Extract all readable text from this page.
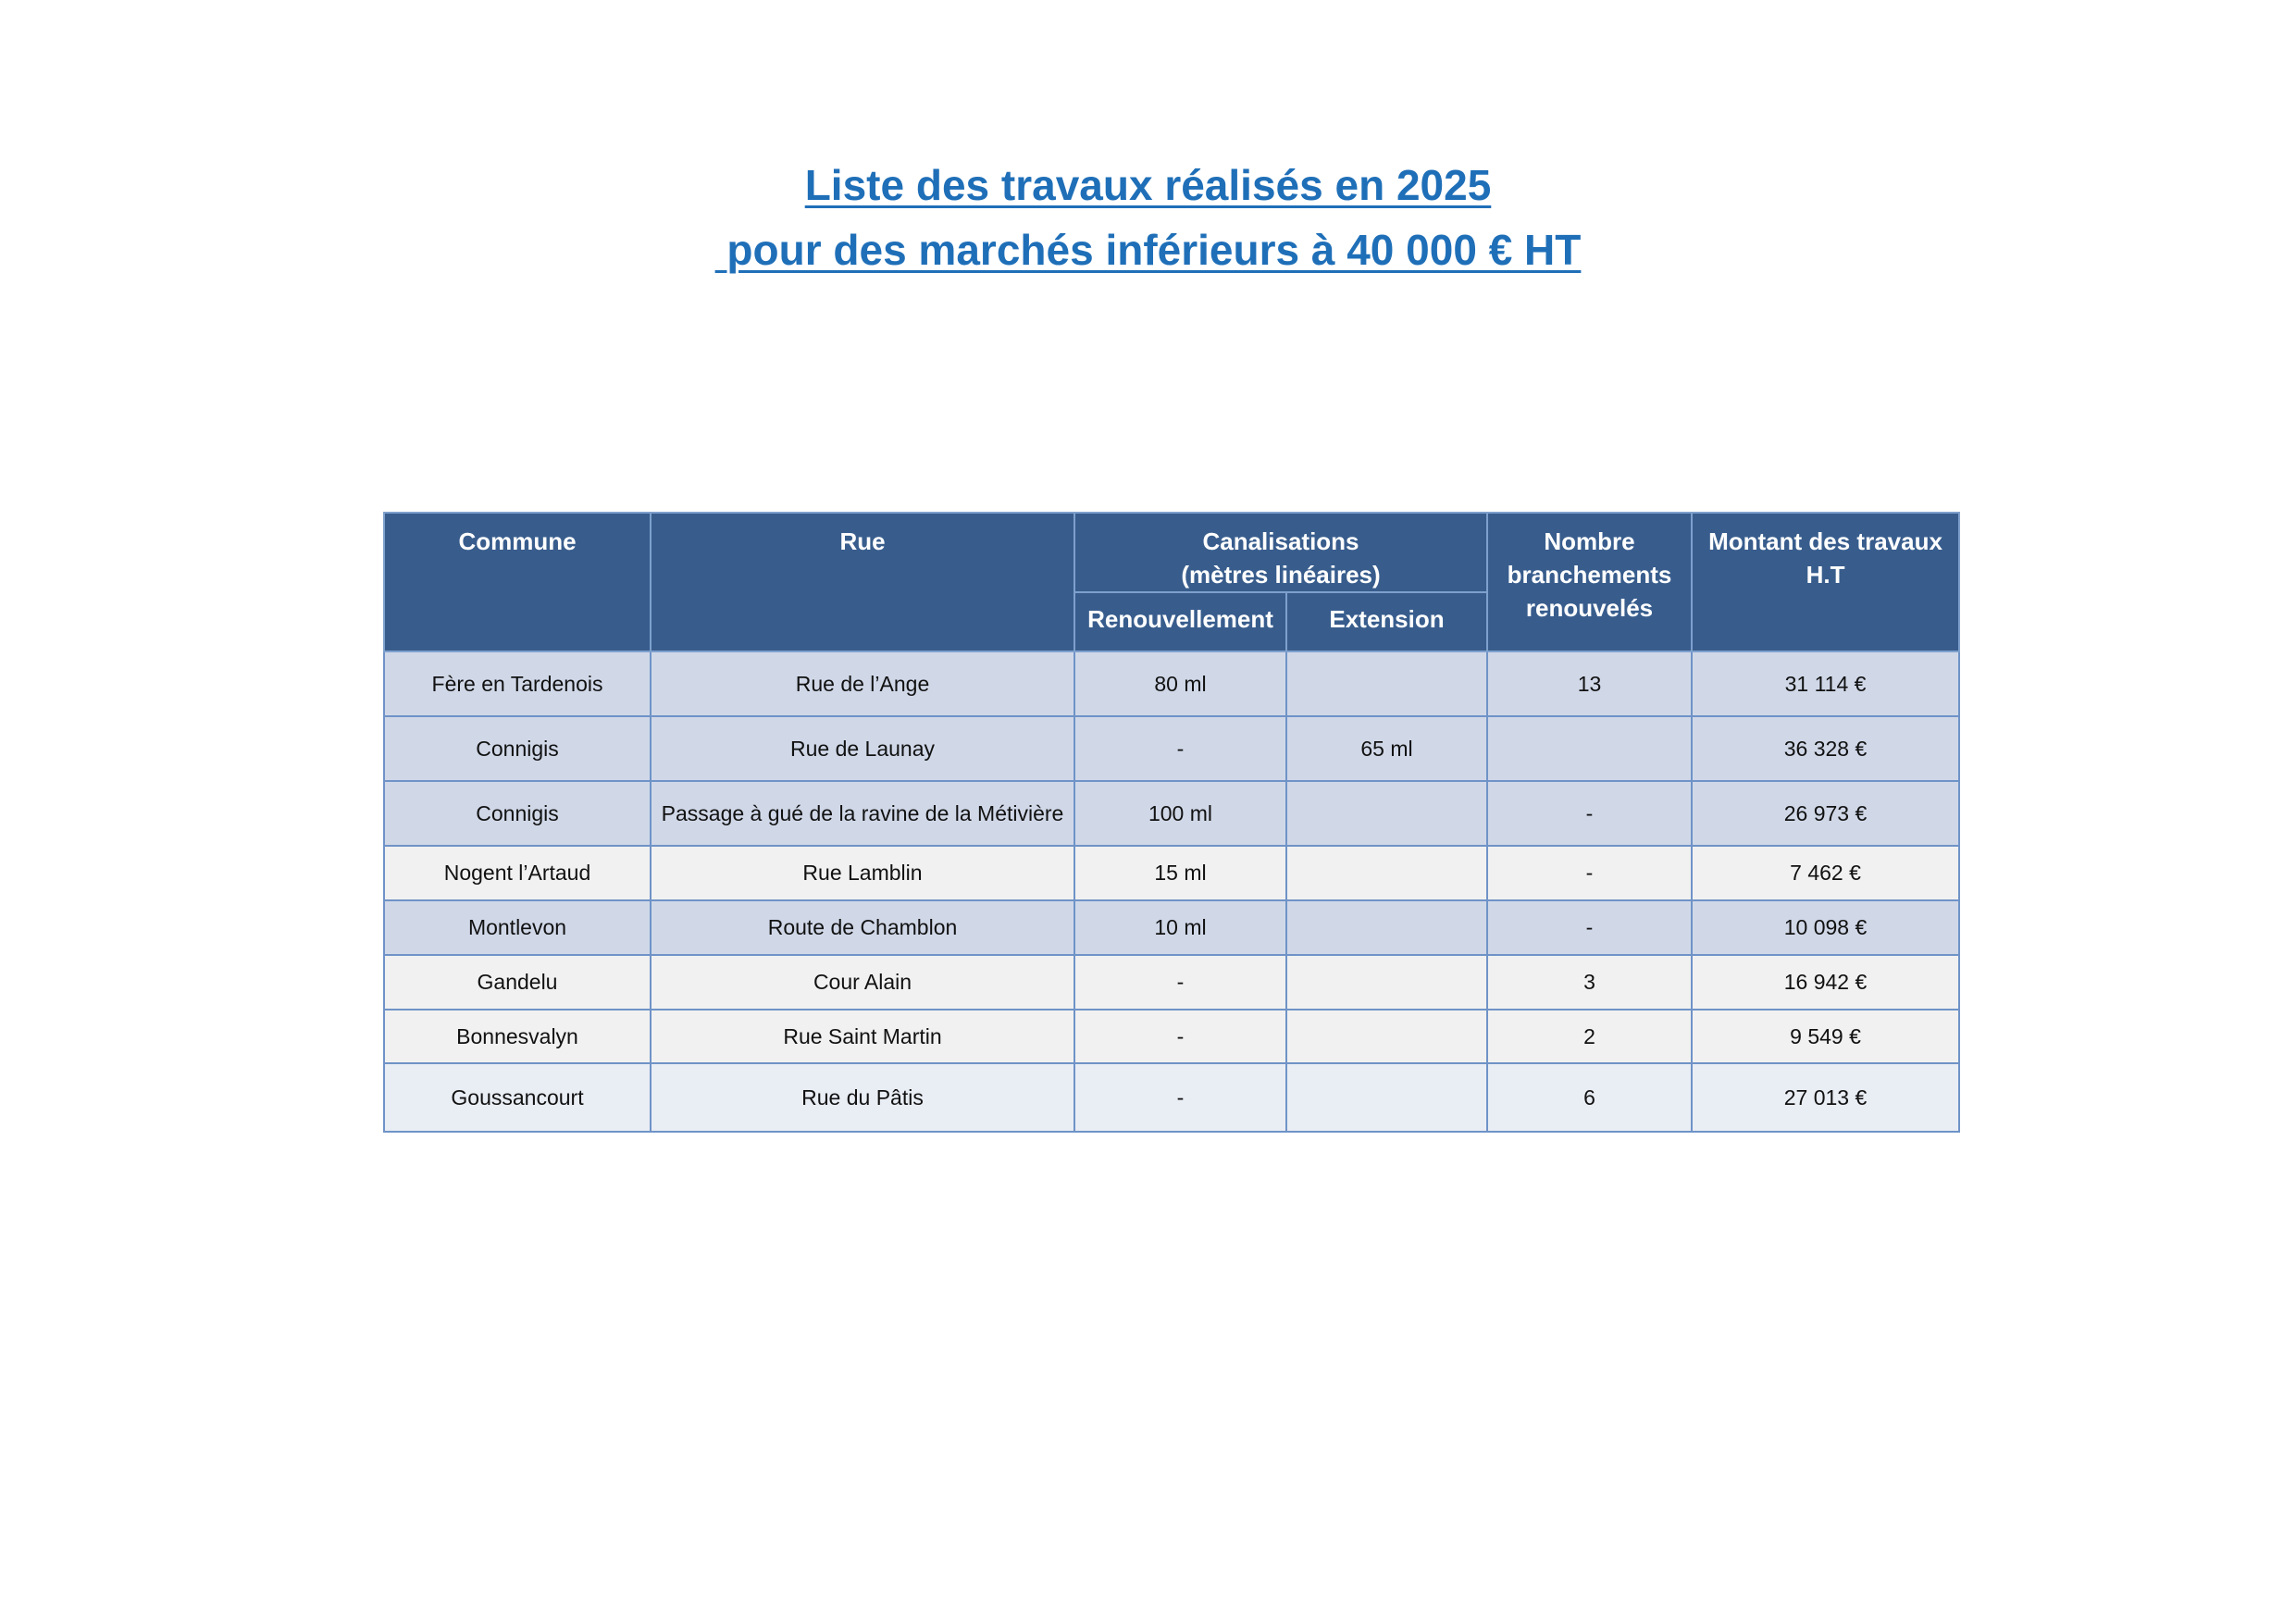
Liste des travaux réalisés en 2025
pour des marchés inférieurs à 40 000 € HT
Commune	Rue	Canalisations
(mètres linéaires)		Nombre
branchements
renouvelés	Montant des travaux
H.T
		Renouvellement	Extension		
Fère en Tardenois	Rue de l’Ange	80 ml		13	31 114 €
Connigis	Rue de Launay	-	65 ml		36 328 €
Connigis	Passage à gué de la ravine de la Métivière	100 ml		-	26 973 €
Nogent l’Artaud	Rue Lamblin	15 ml		-	7 462 €
Montlevon	Route de Chamblon	10 ml		-	10 098 €
Gandelu	Cour Alain	-		3	16 942 €
Bonnesvalyn	Rue Saint Martin	-		2	9 549 €
Goussancourt	Rue du Pâtis	-		6	27 013 €
